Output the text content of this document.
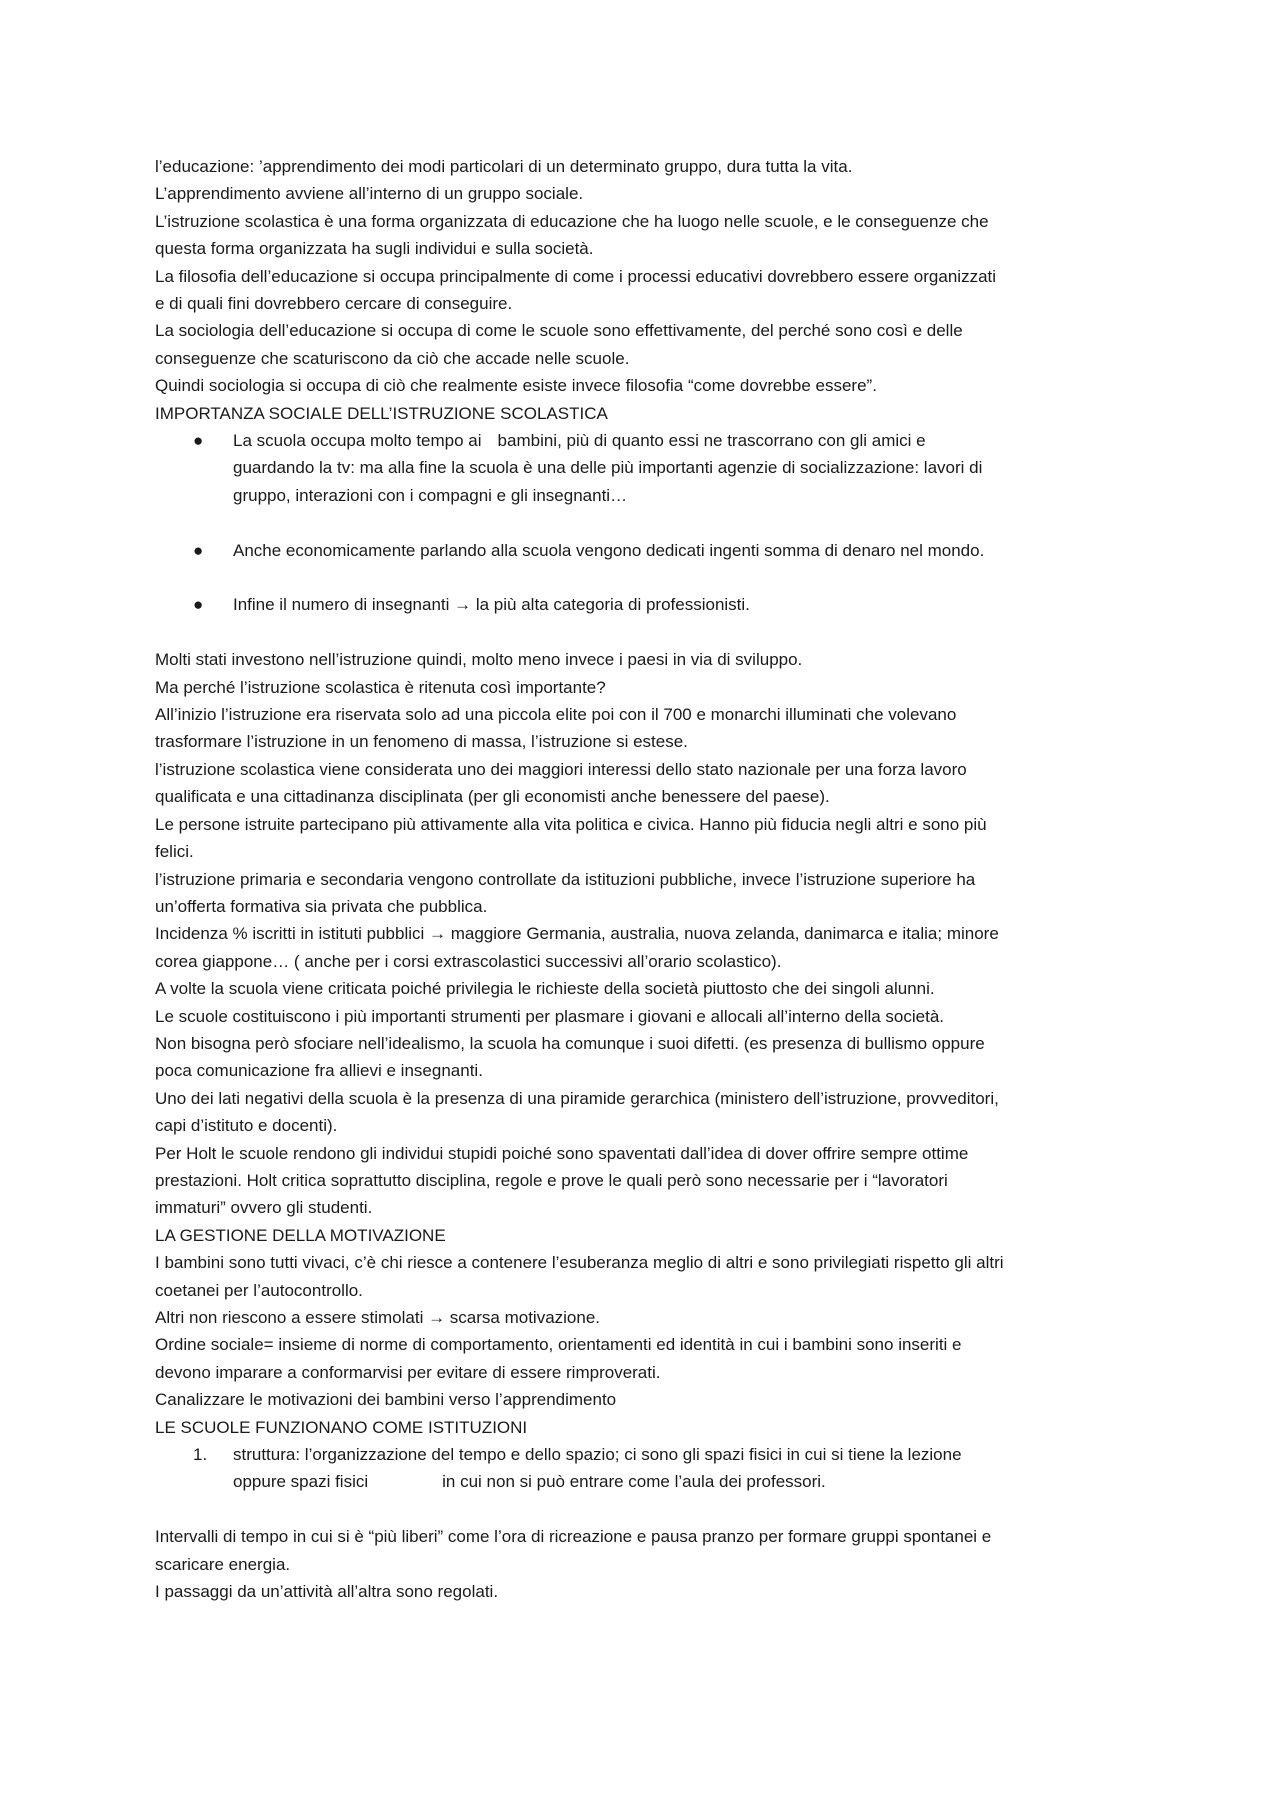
l’educazione: ’apprendimento dei modi particolari di un determinato gruppo, dura tutta la vita.
L’apprendimento avviene all’interno di un gruppo sociale.
L’istruzione scolastica è una forma organizzata di educazione che ha luogo nelle scuole, e le conseguenze che
questa forma organizzata ha sugli individui e sulla società.
La filosofia dell’educazione si occupa principalmente di come i processi educativi dovrebbero essere organizzati
e di quali fini dovrebbero cercare di conseguire.
La sociologia dell’educazione si occupa di come le scuole sono effettivamente, del perché sono così e delle
conseguenze che scaturiscono da ciò che accade nelle scuole.
Quindi sociologia si occupa di ciò che realmente esiste invece filosofia “come dovrebbe essere”.
IMPORTANZA SOCIALE DELL’ISTRUZIONE SCOLASTICA
● La scuola occupa molto tempo ai bambini, più di quanto essi ne trascorrano con gli amici e
guardando la tv: ma alla fine la scuola è una delle più importanti agenzie di socializzazione: lavori di
gruppo, interazioni con i compagni e gli insegnanti…
● Anche economicamente parlando alla scuola vengono dedicati ingenti somma di denaro nel mondo.
● Infine il numero di insegnanti → la più alta categoria di professionisti.
Molti stati investono nell’istruzione quindi, molto meno invece i paesi in via di sviluppo.
Ma perché l’istruzione scolastica è ritenuta così importante?
All’inizio l’istruzione era riservata solo ad una piccola elite poi con il 700 e monarchi illuminati che volevano
trasformare l’istruzione in un fenomeno di massa, l’istruzione si estese.
l’istruzione scolastica viene considerata uno dei maggiori interessi dello stato nazionale per una forza lavoro
qualificata e una cittadinanza disciplinata (per gli economisti anche benessere del paese).
Le persone istruite partecipano più attivamente alla vita politica e civica. Hanno più fiducia negli altri e sono più
felici.
l’istruzione primaria e secondaria vengono controllate da istituzioni pubbliche, invece l’istruzione superiore ha
un’offerta formativa sia privata che pubblica.
Incidenza % iscritti in istituti pubblici → maggiore Germania, australia, nuova zelanda, danimarca e italia; minore
corea giappone… ( anche per i corsi extrascolastici successivi all’orario scolastico).
A volte la scuola viene criticata poiché privilegia le richieste della società piuttosto che dei singoli alunni.
Le scuole costituiscono i più importanti strumenti per plasmare i giovani e allocali all’interno della società.
Non bisogna però sfociare nell’idealismo, la scuola ha comunque i suoi difetti. (es presenza di bullismo oppure
poca comunicazione fra allievi e insegnanti.
Uno dei lati negativi della scuola è la presenza di una piramide gerarchica (ministero dell’istruzione, provveditori,
capi d’istituto e docenti).
Per Holt le scuole rendono gli individui stupidi poiché sono spaventati dall’idea di dover offrire sempre ottime
prestazioni. Holt critica soprattutto disciplina, regole e prove le quali però sono necessarie per i “lavoratori
immaturi” ovvero gli studenti.
LA GESTIONE DELLA MOTIVAZIONE
I bambini sono tutti vivaci, c’è chi riesce a contenere l’esuberanza meglio di altri e sono privilegiati rispetto gli altri
coetanei per l’autocontrollo.
Altri non riescono a essere stimolati → scarsa motivazione.
Ordine sociale= insieme di norme di comportamento, orientamenti ed identità in cui i bambini sono inseriti e
devono imparare a conformarvisi per evitare di essere rimproverati.
Canalizzare le motivazioni dei bambini verso l’apprendimento
LE SCUOLE FUNZIONANO COME ISTITUZIONI
1. struttura: l’organizzazione del tempo e dello spazio; ci sono gli spazi fisici in cui si tiene la lezione
oppure spazi fisici	in cui non si può entrare come l’aula dei professori.
Intervalli di tempo in cui si è “più liberi” come l’ora di ricreazione e pausa pranzo per formare gruppi spontanei e
scaricare energia.
I passaggi da un’attività all’altra sono regolati.
